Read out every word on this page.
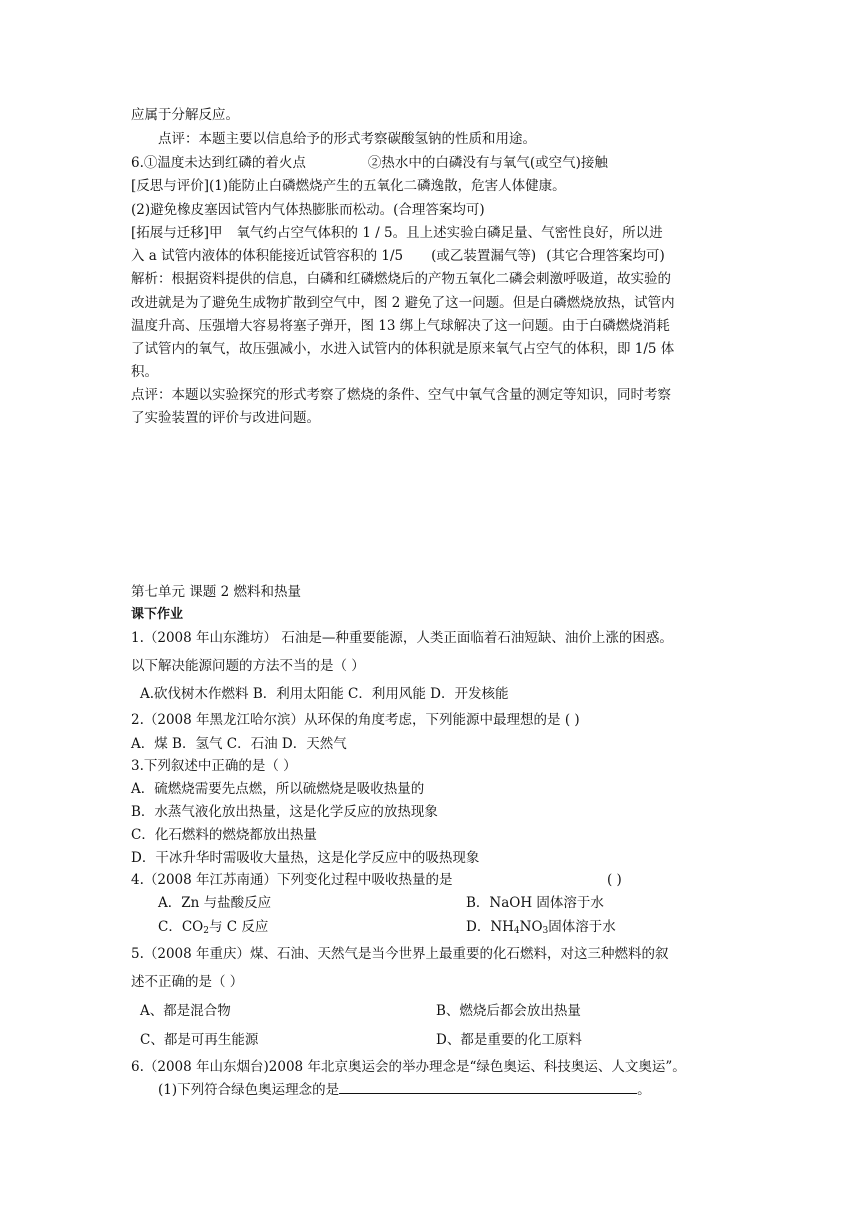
应属于分解反应。
点评：本题主要以信息给予的形式考察碳酸氢钠的性质和用途。
6.①温度未达到红磷的着火点	②热水中的白磷没有与氧气(或空气)接触
[反思与评价](1)能防止白磷燃烧产生的五氧化二磷逸散，危害人体健康。
(2)避免橡皮塞因试管内气体热膨胀而松动。(合理答案均可)
[拓展与迁移]甲 氧气约占空气体积的 1 / 5。且上述实验白磷足量、气密性良好，所以进
入 a 试管内液体的体积能接近试管容积的 1/5 (或乙装置漏气等) (其它合理答案均可)
解析：根据资料提供的信息，白磷和红磷燃烧后的产物五氧化二磷会刺激呼吸道，故实验的
改进就是为了避免生成物扩散到空气中，图 2 避免了这一问题。但是白磷燃烧放热，试管内
温度升高、压强增大容易将塞子弹开，图 13 绑上气球解决了这一问题。由于白磷燃烧消耗
了试管内的氧气，故压强减小，水进入试管内的体积就是原来氧气占空气的体积，即 1/5 体
积。
点评：本题以实验探究的形式考察了燃烧的条件、空气中氧气含量的测定等知识，同时考察
了实验装置的评价与改进问题。
第七单元 课题 2 燃料和热量
课下作业
1.（2008 年山东潍坊） 石油是—种重要能源，人类正面临着石油短缺、油价上涨的困惑。
以下解决能源问题的方法不当的是（ ）
A.砍伐树木作燃料 B．利用太阳能 C．利用风能 D．开发核能
2.（2008 年黑龙江哈尔滨）从环保的角度考虑，下列能源中最理想的是 ( )
A．煤 B．氢气 C．石油 D．天然气
3.下列叙述中正确的是（ ）
A．硫燃烧需要先点燃，所以硫燃烧是吸收热量的
B．水蒸气液化放出热量，这是化学反应的放热现象
C．化石燃料的燃烧都放出热量
D．干冰升华时需吸收大量热，这是化学反应中的吸热现象
4.（2008 年江苏南通）下列变化过程中吸收热量的是	( )
A．Zn 与盐酸反应	B．NaOH 固体溶于水
C．$CO_2$与 C 反应	D．$NH_4NO_3$固体溶于水
5.（2008 年重庆）煤、石油、天然气是当今世界上最重要的化石燃料，对这三种燃料的叙
述不正确的是（ ）
A、都是混合物	B、燃烧后都会放出热量
C、都是可再生能源	D、都是重要的化工原料
6.（2008 年山东烟台)2008 年北京奥运会的举办理念是“绿色奥运、科技奥运、人文奥运”。
(1)下列符合绿色奥运理念的是	。
